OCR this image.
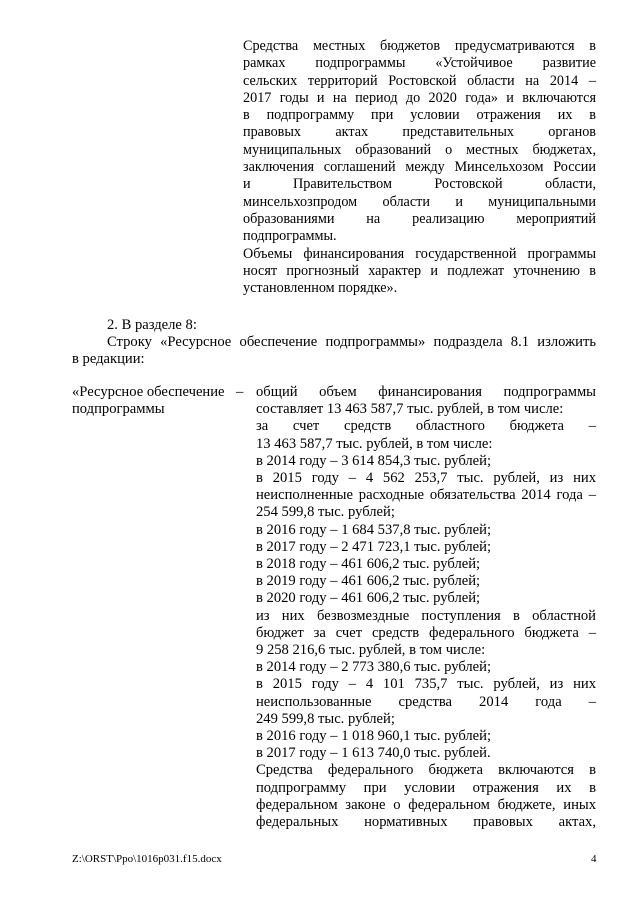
Средства местных бюджетов предусматриваются в

рамках подпрограммы «Устойчивое развитие

сельских территорий Ростовской области на 2014 –

2017 годы и на период до 2020 года» и включаются

в подпрограмму при условии отражения их в

правовых актах представительных органов

муниципальных образований о местных бюджетах,

заключения соглашений между Минсельхозом России

и Правительством Ростовской области,

минсельхозпродом области и муниципальными

образованиями на реализацию мероприятий

подпрограммы.

Объемы финансирования государственной программы

носят прогнозный характер и подлежат уточнению в

установленном порядке».

2. В разделе 8:

Строку «Ресурсное обеспечение подпрограммы» подраздела 8.1 изложить

в редакции:

«Ресурсное обеспечение

подпрограммы

– общий объем финансирования подпрограммы

составляет 13 463 587,7 тыс. рублей, в том числе:

за счет средств областного бюджета –

13 463 587,7 тыс. рублей, в том числе:

в 2014 году – 3 614 854,3 тыс. рублей;

в 2015 году – 4 562 253,7 тыс. рублей, из них

неисполненные расходные обязательства 2014 года –

254 599,8 тыс. рублей;

в 2016 году – 1 684 537,8 тыс. рублей;

в 2017 году – 2 471 723,1 тыс. рублей;

в 2018 году – 461 606,2 тыс. рублей;

в 2019 году – 461 606,2 тыс. рублей;

в 2020 году – 461 606,2 тыс. рублей;

из них безвозмездные поступления в областной

бюджет за счет средств федерального бюджета –

9 258 216,6 тыс. рублей, в том числе:

в 2014 году – 2 773 380,6 тыс. рублей;

в 2015 году – 4 101 735,7 тыс. рублей, из них

неиспользованные средства 2014 года –

249 599,8 тыс. рублей;

в 2016 году – 1 018 960,1 тыс. рублей;

в 2017 году – 1 613 740,0 тыс. рублей.

Средства федерального бюджета включаются в

подпрограмму при условии отражения их в

федеральном законе о федеральном бюджете, иных

федеральных нормативных правовых актах,

Z:\ORST\Ppo\1016p031.f15.docx	4
